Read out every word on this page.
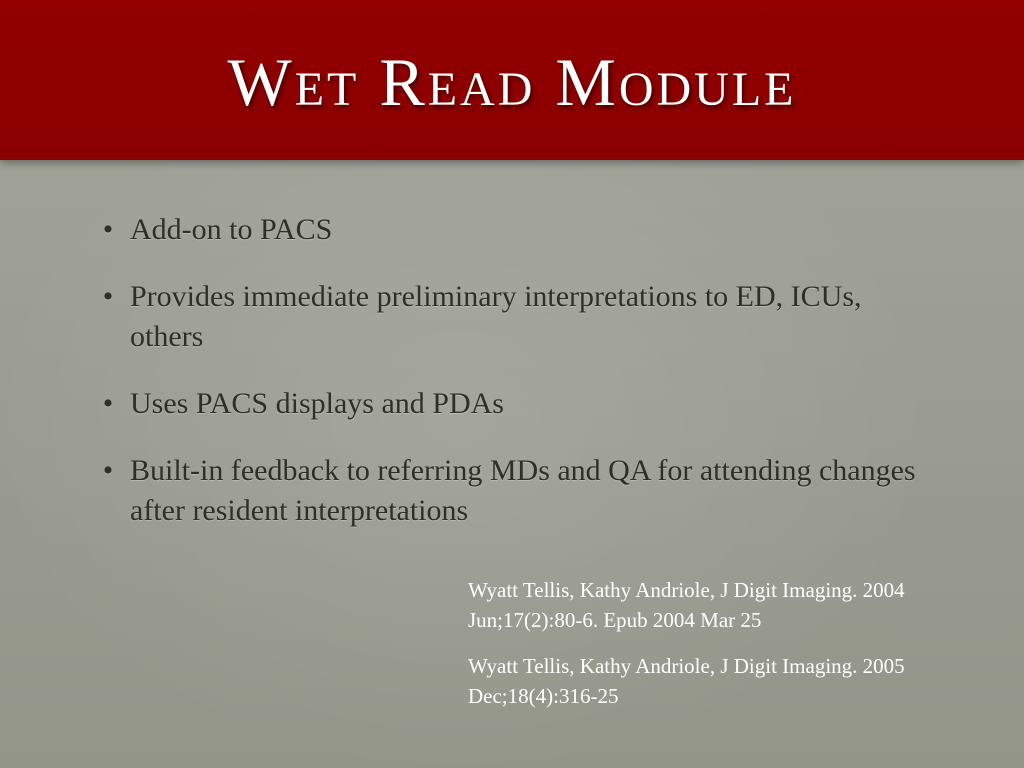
Wet Read Module
• Add-on to PACS
• Provides immediate preliminary interpretations to ED, ICUs, others
• Uses PACS displays and PDAs
• Built-in feedback to referring MDs and QA for attending changes after resident interpretations

Wyatt Tellis, Kathy Andriole, J Digit Imaging. 2004 Jun;17(2):80-6. Epub 2004 Mar 25

Wyatt Tellis, Kathy Andriole, J Digit Imaging. 2005 Dec;18(4):316-25
